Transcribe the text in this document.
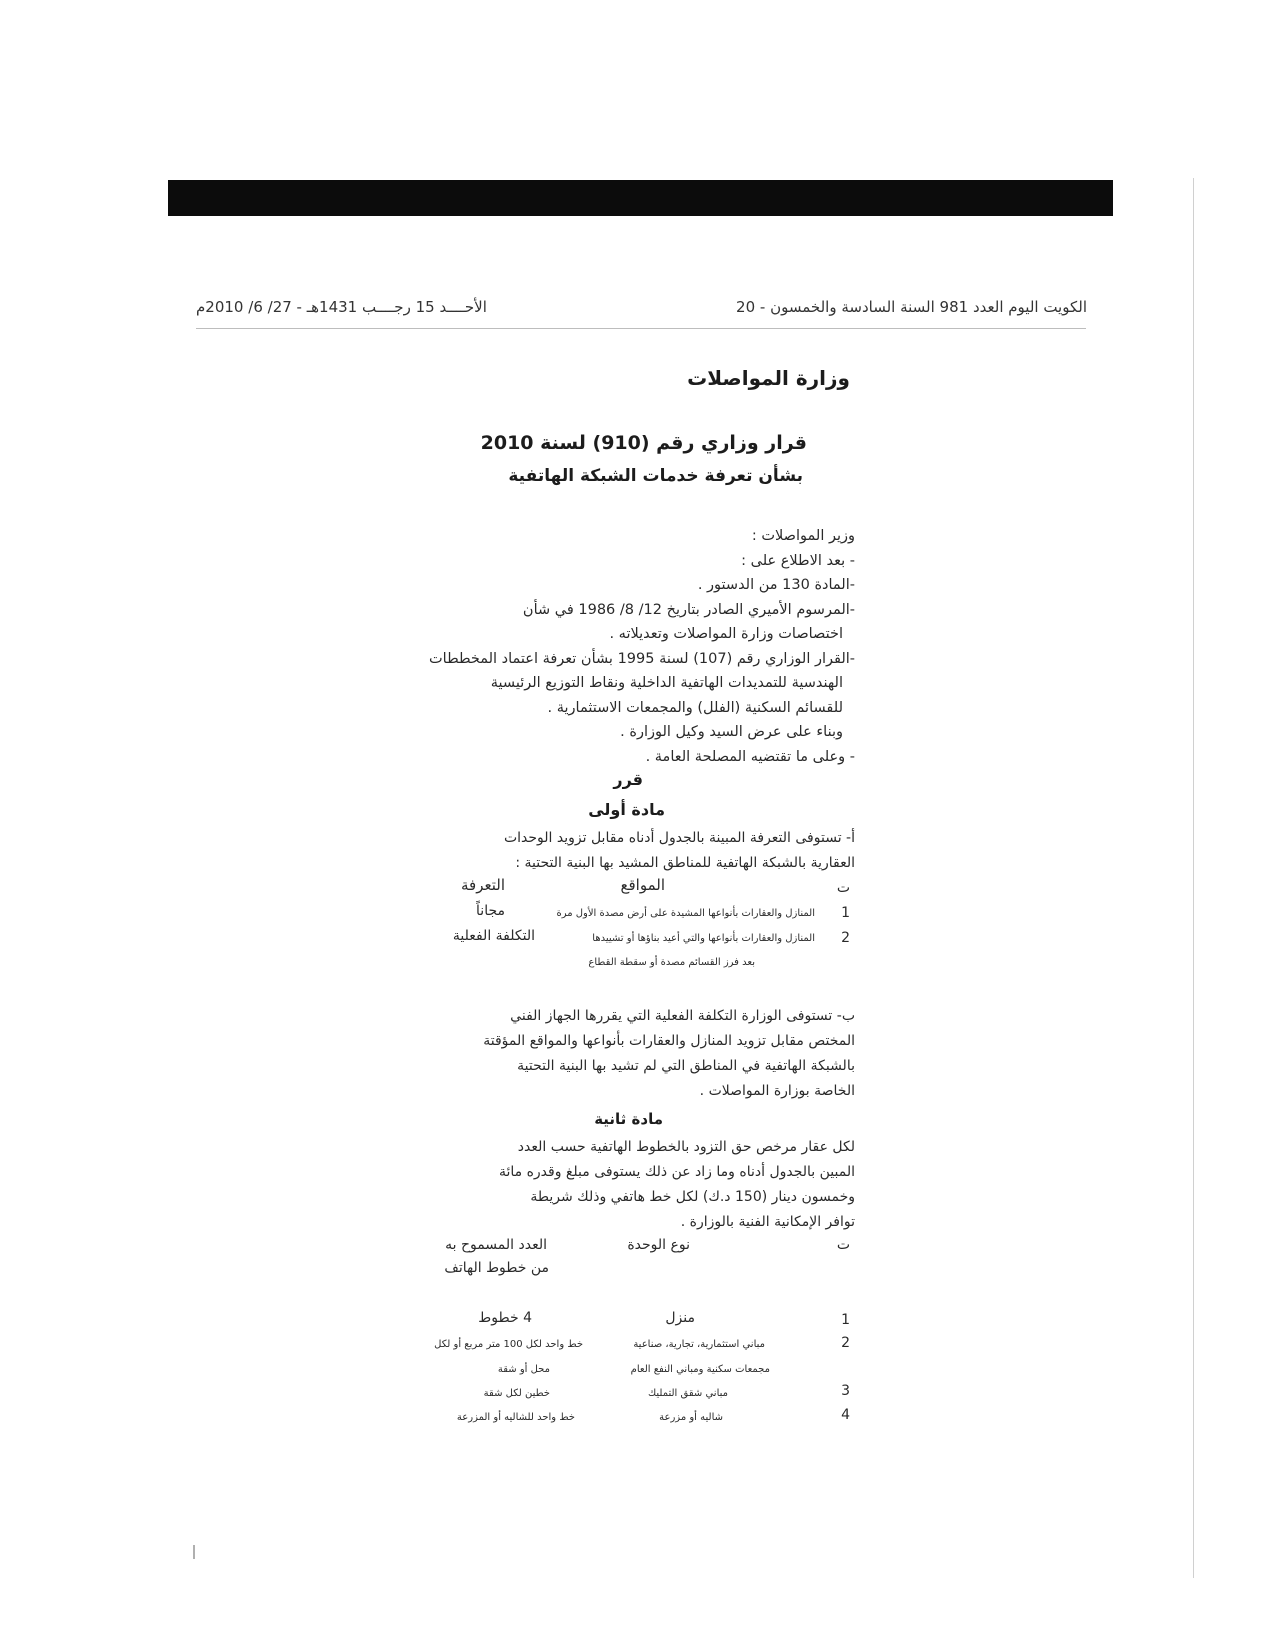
الكويت اليوم العدد 981 السنة السادسة والخمسون - 20
الأحــــد 15 رجــــب 1431هـ - 27/ 6/ 2010م
وزارة المواصلات
قرار وزاري رقم (910) لسنة 2010
بشأن تعرفة خدمات الشبكة الهاتفية
وزير المواصلات :
- بعد الاطلاع على :
-المادة 130 من الدستور .
-المرسوم الأميري الصادر بتاريخ 12/ 8/ 1986 في شأن
اختصاصات وزارة المواصلات وتعديلاته .
-القرار الوزاري رقم (107) لسنة 1995 بشأن تعرفة اعتماد المخططات
الهندسية للتمديدات الهاتفية الداخلية ونقاط التوزيع الرئيسية
للقسائم السكنية (الفلل) والمجمعات الاستثمارية .
وبناء على عرض السيد وكيل الوزارة .
- وعلى ما تقتضيه المصلحة العامة .
قرر
مادة أولى
أ- تستوفى التعرفة المبينة بالجدول أدناه مقابل تزويد الوحدات
العقارية بالشبكة الهاتفية للمناطق المشيد بها البنية التحتية :
ت
المواقع
التعرفة
1
المنازل والعقارات بأنواعها المشيدة على أرض مصدة الأول مرة
مجاناً
2
المنازل والعقارات بأنواعها والتي أعيد بناؤها أو تشييدها
التكلفة الفعلية
بعد فرز القسائم مصدة أو سقطة القطاع
ب- تستوفى الوزارة التكلفة الفعلية التي يقررها الجهاز الفني
المختص مقابل تزويد المنازل والعقارات بأنواعها والمواقع المؤقتة
بالشبكة الهاتفية في المناطق التي لم تشيد بها البنية التحتية
الخاصة بوزارة المواصلات .
مادة ثانية
لكل عقار مرخص حق التزود بالخطوط الهاتفية حسب العدد
المبين بالجدول أدناه وما زاد عن ذلك يستوفى مبلغ وقدره مائة
وخمسون دينار (150 د.ك) لكل خط هاتفي وذلك شريطة
توافر الإمكانية الفنية بالوزارة .
ت
نوع الوحدة
العدد المسموح به
من خطوط الهاتف
1
منزل
4 خطوط
2
مباني استثمارية، تجارية، صناعية
خط واحد لكل 100 متر مربع أو لكل
مجمعات سكنية ومباني النفع العام
محل أو شقة
3
مباني شقق التمليك
خطين لكل شقة
4
شاليه أو مزرعة
خط واحد للشاليه أو المزرعة
